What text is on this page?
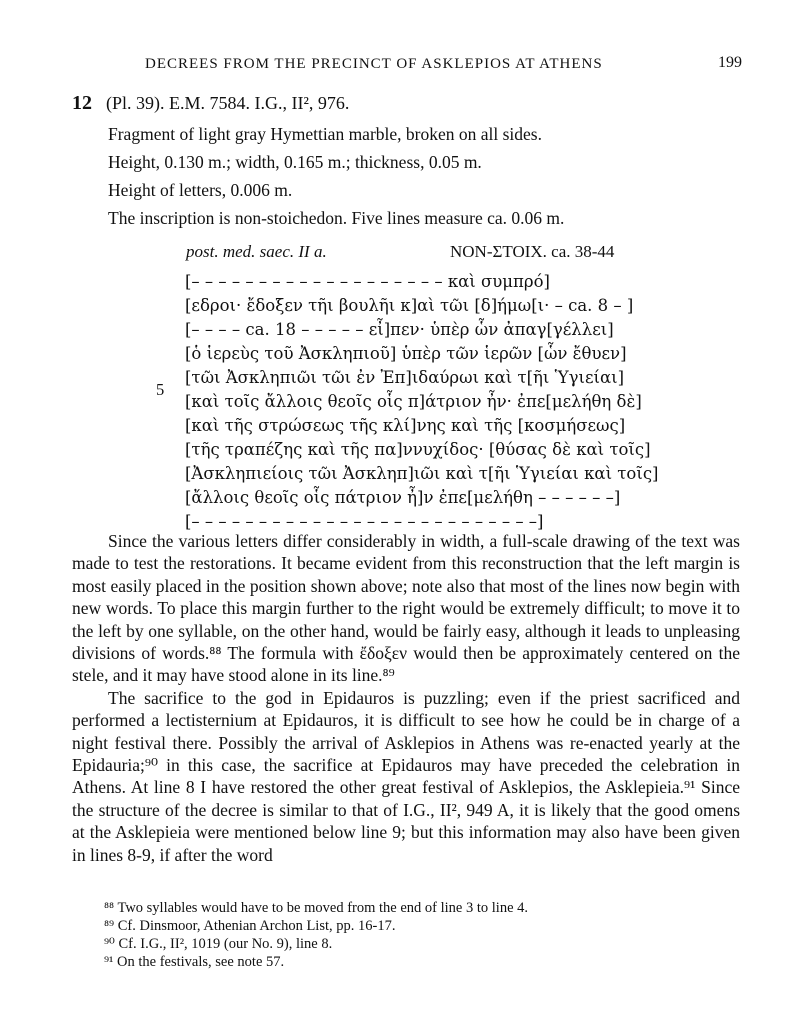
DECREES FROM THE PRECINCT OF ASKLEPIOS AT ATHENS	199
12 (Pl. 39). E.M. 7584. I.G., II², 976.
Fragment of light gray Hymettian marble, broken on all sides.
Height, 0.130 m.; width, 0.165 m.; thickness, 0.05 m.
Height of letters, 0.006 m.
The inscription is non-stoichedon. Five lines measure ca. 0.06 m.
post. med. saec. II a.	NON-ΣΤΟΙΧ. ca. 38-44
5
[– – – – – – – – – – – – – – – – – – – καὶ συμπρό]
[εδροι· ἔδοξεν τῆι βουλῆι κ]αὶ τῶι [δ]ήμω[ι· – ca. 8 – ]
[– – – – ca. 18 – – – – – εἶ]πεν· ὑπὲρ ὧν ἀπαγ[γέλλει]
[ὁ ἱερεὺς τοῦ Ἀσκληπιοῦ] ὑπὲρ τῶν ἱερῶν [ὧν ἔθυεν]
[τῶι Ἀσκληπιῶι τῶι ἐν Ἐπ]ιδαύρωι καὶ τ[ῆι Ὑγιείαι]
[καὶ τοῖς ἄλλοις θεοῖς οἷς π]άτριον ἦν· ἐπε[μελήθη δὲ]
[καὶ τῆς στρώσεως τῆς κλί]νης καὶ τῆς [κοσμήσεως]
[τῆς τραπέζης καὶ τῆς πα]ννυχίδος· [θύσας δὲ καὶ τοῖς]
[Ἀσκληπιείοις τῶι Ἀσκληπ]ιῶι καὶ τ[ῆι Ὑγιείαι καὶ τοῖς]
[ἄλλοις θεοῖς οἷς πάτριον ἦ]ν ἐπε[μελήθη – – – – – –]
[– – – – – – – – – – – – – – – – – – – – – – – – – –]

Since the various letters differ considerably in width, a full-scale drawing of the text was made to test the restorations. It became evident from this reconstruction that the left margin is most easily placed in the position shown above; note also that most of the lines now begin with new words. To place this margin further to the right would be extremely difficult; to move it to the left by one syllable, on the other hand, would be fairly easy, although it leads to unpleasing divisions of words.⁸⁸ The formula with ἔδοξεν would then be approximately centered on the stele, and it may have stood alone in its line.⁸⁹

The sacrifice to the god in Epidauros is puzzling; even if the priest sacrificed and performed a lectisternium at Epidauros, it is difficult to see how he could be in charge of a night festival there. Possibly the arrival of Asklepios in Athens was re-enacted yearly at the Epidauria;⁹⁰ in this case, the sacrifice at Epidauros may have preceded the celebration in Athens. At line 8 I have restored the other great festival of Asklepios, the Asklepieia.⁹¹ Since the structure of the decree is similar to that of I.G., II², 949 A, it is likely that the good omens at the Asklepieia were mentioned below line 9; but this information may also have been given in lines 8-9, if after the word

⁸⁸ Two syllables would have to be moved from the end of line 3 to line 4.
⁸⁹ Cf. Dinsmoor, Athenian Archon List, pp. 16-17.
⁹⁰ Cf. I.G., II², 1019 (our No. 9), line 8.
⁹¹ On the festivals, see note 57.
